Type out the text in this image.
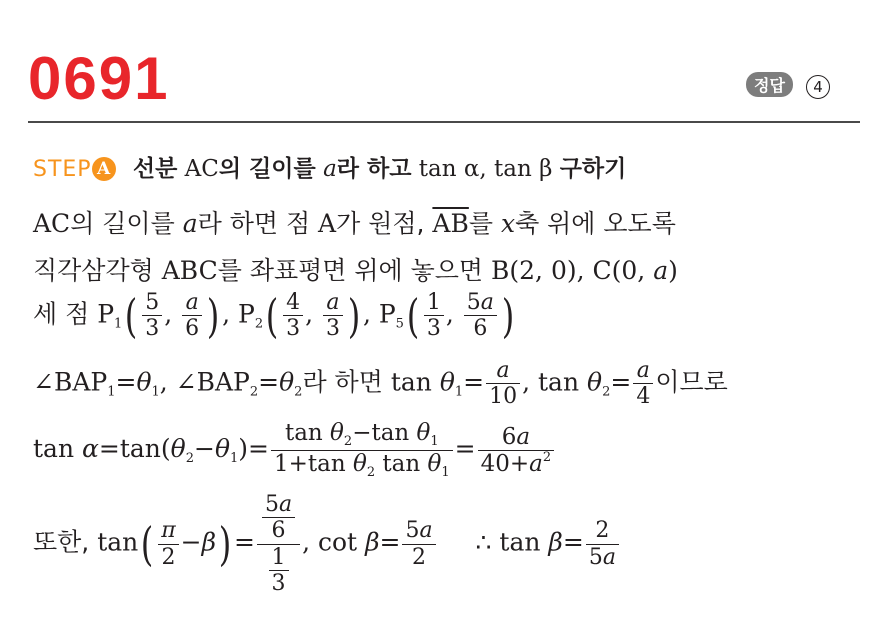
0691	정답 4
STEP A 선분 AC의 길이를 a라 하고 tan α, tan β 구하기
AC의 길이를 a라 하면 점 A가 원점, $\overline{AB}$를 x축 위에 오도록
직각삼각형 ABC를 좌표평면 위에 놓으면 B(2, 0), C(0, a)
세 점 $P_1( \frac{5}{3}$ , $\frac{a}{6}$ ) , $P_2( \frac{4}{3}$ , $\frac{a}{3}$ ) , $P_5( \frac{1}{3}$ , $\frac{5a}{6}$ )
$\angle BAP_1=\theta_1$, $\angle BAP_2=\theta_2$라 하면 $\tan \theta_1= \frac{a}{10}$ , $\tan \theta_2= \frac{a}{4}$ 이므로
$\tan \alpha=\tan(\theta_2-\theta_1)= \frac{\tan \theta_2-\tan \theta_1}{1+\tan \theta_2 \tan \theta_1} = \frac{6a}{40+a^2}$
또한, $\tan( \frac{\pi}{2} -\beta) = \frac{\frac{5a}{6}}{\frac{1}{3}}$ , $\cot \beta= \frac{5a}{2}$ ∴ $\tan \beta= \frac{2}{5a}$
